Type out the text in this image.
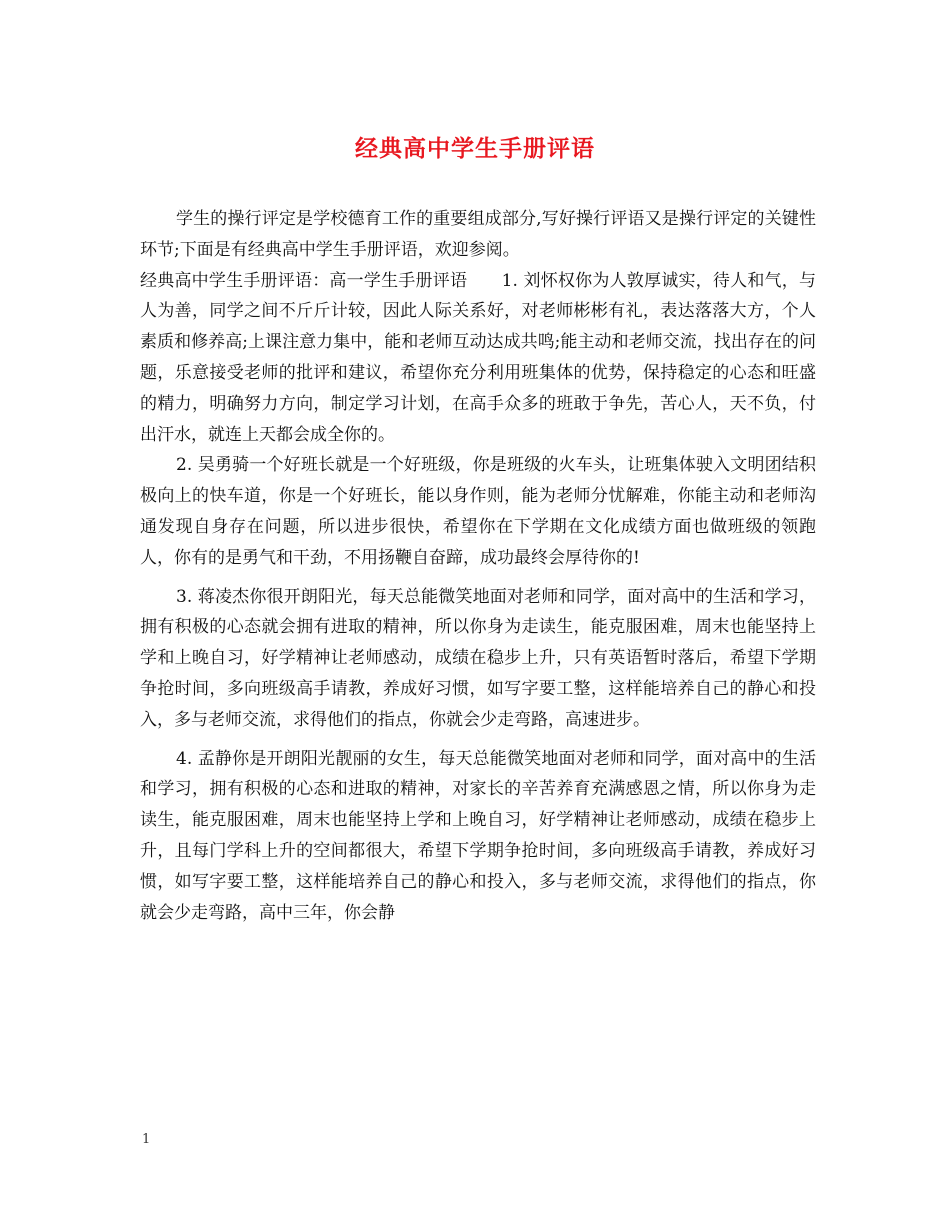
经典高中学生手册评语

学生的操行评定是学校德育工作的重要组成部分,写好操行评语又是操行评定的关键性环节;下面是有经典高中学生手册评语，欢迎参阅。

经典高中学生手册评语：高一学生手册评语　　1. 刘怀权你为人敦厚诚实，待人和气，与人为善，同学之间不斤斤计较，因此人际关系好，对老师彬彬有礼，表达落落大方，个人素质和修养高;上课注意力集中，能和老师互动达成共鸣;能主动和老师交流，找出存在的问题，乐意接受老师的批评和建议，希望你充分利用班集体的优势，保持稳定的心态和旺盛的精力，明确努力方向，制定学习计划，在高手众多的班敢于争先，苦心人，天不负，付出汗水，就连上天都会成全你的。

2. 吴勇骑一个好班长就是一个好班级，你是班级的火车头，让班集体驶入文明团结积极向上的快车道，你是一个好班长，能以身作则，能为老师分忧解难，你能主动和老师沟通发现自身存在问题，所以进步很快，希望你在下学期在文化成绩方面也做班级的领跑人，你有的是勇气和干劲，不用扬鞭自奋蹄，成功最终会厚待你的!

3. 蒋凌杰你很开朗阳光，每天总能微笑地面对老师和同学，面对高中的生活和学习，拥有积极的心态就会拥有进取的精神，所以你身为走读生，能克服困难，周末也能坚持上学和上晚自习，好学精神让老师感动，成绩在稳步上升，只有英语暂时落后，希望下学期争抢时间，多向班级高手请教，养成好习惯，如写字要工整，这样能培养自己的静心和投入，多与老师交流，求得他们的指点，你就会少走弯路，高速进步。

4. 孟静你是开朗阳光靓丽的女生，每天总能微笑地面对老师和同学，面对高中的生活和学习，拥有积极的心态和进取的精神，对家长的辛苦养育充满感恩之情，所以你身为走读生，能克服困难，周末也能坚持上学和上晚自习，好学精神让老师感动，成绩在稳步上升，且每门学科上升的空间都很大，希望下学期争抢时间，多向班级高手请教，养成好习惯，如写字要工整，这样能培养自己的静心和投入，多与老师交流，求得他们的指点，你就会少走弯路，高中三年，你会静

1
